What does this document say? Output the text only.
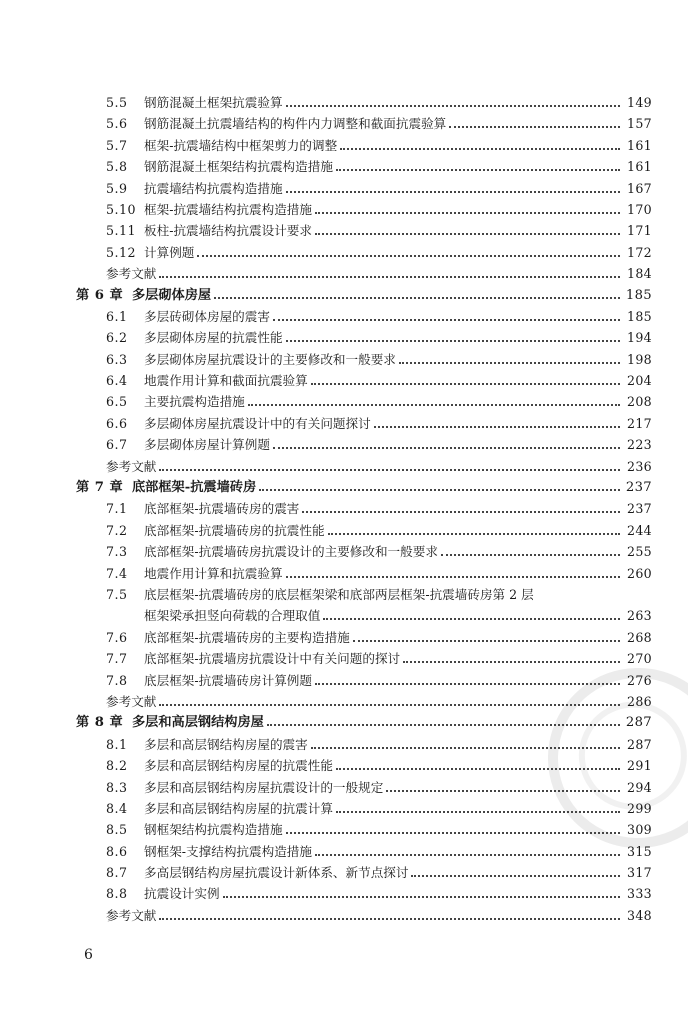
5.5	钢筋混凝土框架抗震验算	149
5.6	钢筋混凝土抗震墙结构的构件内力调整和截面抗震验算	157
5.7	框架-抗震墙结构中框架剪力的调整	161
5.8	钢筋混凝土框架结构抗震构造措施	161
5.9	抗震墙结构抗震构造措施	167
5.10 框架-抗震墙结构抗震构造措施	170
5.11 板柱-抗震墙结构抗震设计要求	171
5.12 计算例题	172
参考文献	184
第 6 章 多层砌体房屋	185
6.1	多层砖砌体房屋的震害	185
6.2	多层砌体房屋的抗震性能	194
6.3	多层砌体房屋抗震设计的主要修改和一般要求	198
6.4	地震作用计算和截面抗震验算	204
6.5	主要抗震构造措施	208
6.6	多层砌体房屋抗震设计中的有关问题探讨	217
6.7	多层砌体房屋计算例题	223
参考文献	236
第 7 章 底部框架-抗震墙砖房	237
7.1	底部框架-抗震墙砖房的震害	237
7.2	底部框架-抗震墙砖房的抗震性能	244
7.3	底部框架-抗震墙砖房抗震设计的主要修改和一般要求	255
7.4	地震作用计算和抗震验算	260
7.5	底层框架-抗震墙砖房的底层框架梁和底部两层框架-抗震墙砖房第 2 层
框架梁承担竖向荷载的合理取值	263
7.6	底部框架-抗震墙砖房的主要构造措施	268
7.7	底部框架-抗震墙房抗震设计中有关问题的探讨	270
7.8	底层框架-抗震墙砖房计算例题	276
参考文献	286
第 8 章 多层和高层钢结构房屋	287
8.1	多层和高层钢结构房屋的震害	287
8.2	多层和高层钢结构房屋的抗震性能	291
8.3	多层和高层钢结构房屋抗震设计的一般规定	294
8.4	多层和高层钢结构房屋的抗震计算	299
8.5	钢框架结构抗震构造措施	309
8.6	钢框架-支撑结构抗震构造措施	315
8.7	多高层钢结构房屋抗震设计新体系、新节点探讨	317
8.8	抗震设计实例	333
参考文献	348
6
